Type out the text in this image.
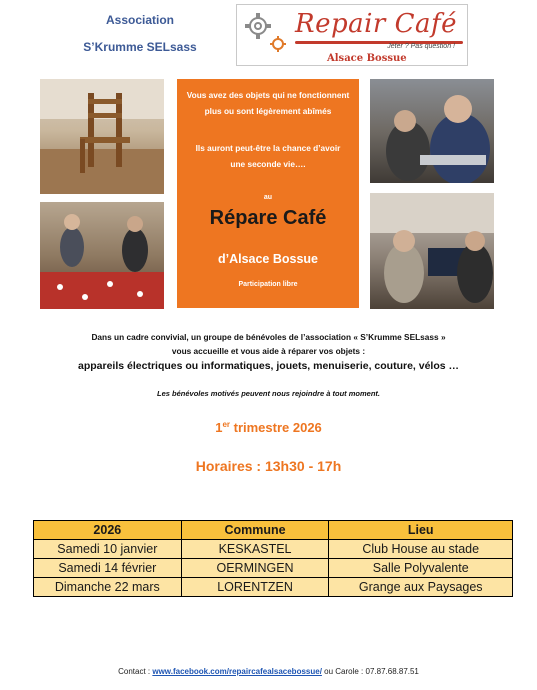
Association
S’Krumme SELsass
Repair Café
Jeter ? Pas question !
Alsace Bossue
Vous avez des objets qui ne fonctionnent plus ou sont légèrement abîmés
Ils auront peut-être la chance d’avoir une seconde vie….
au
Répare Café
d’Alsace Bossue
Participation libre
Dans un cadre convivial, un groupe de bénévoles de l’association « S’Krumme SELsass »
vous accueille et vous aide à réparer vos objets :
appareils électriques ou informatiques, jouets, menuiserie, couture, vélos …
Les bénévoles motivés peuvent nous rejoindre à tout moment.
1er trimestre 2026
Horaires : 13h30 - 17h
2026	Commune	Lieu
Samedi 10 janvier	KESKASTEL	Club House au stade
Samedi 14 février	OERMINGEN	Salle Polyvalente
Dimanche 22 mars	LORENTZEN	Grange aux Paysages
Contact : www.facebook.com/repaircafealsacebossue/ ou Carole : 07.87.68.87.51
